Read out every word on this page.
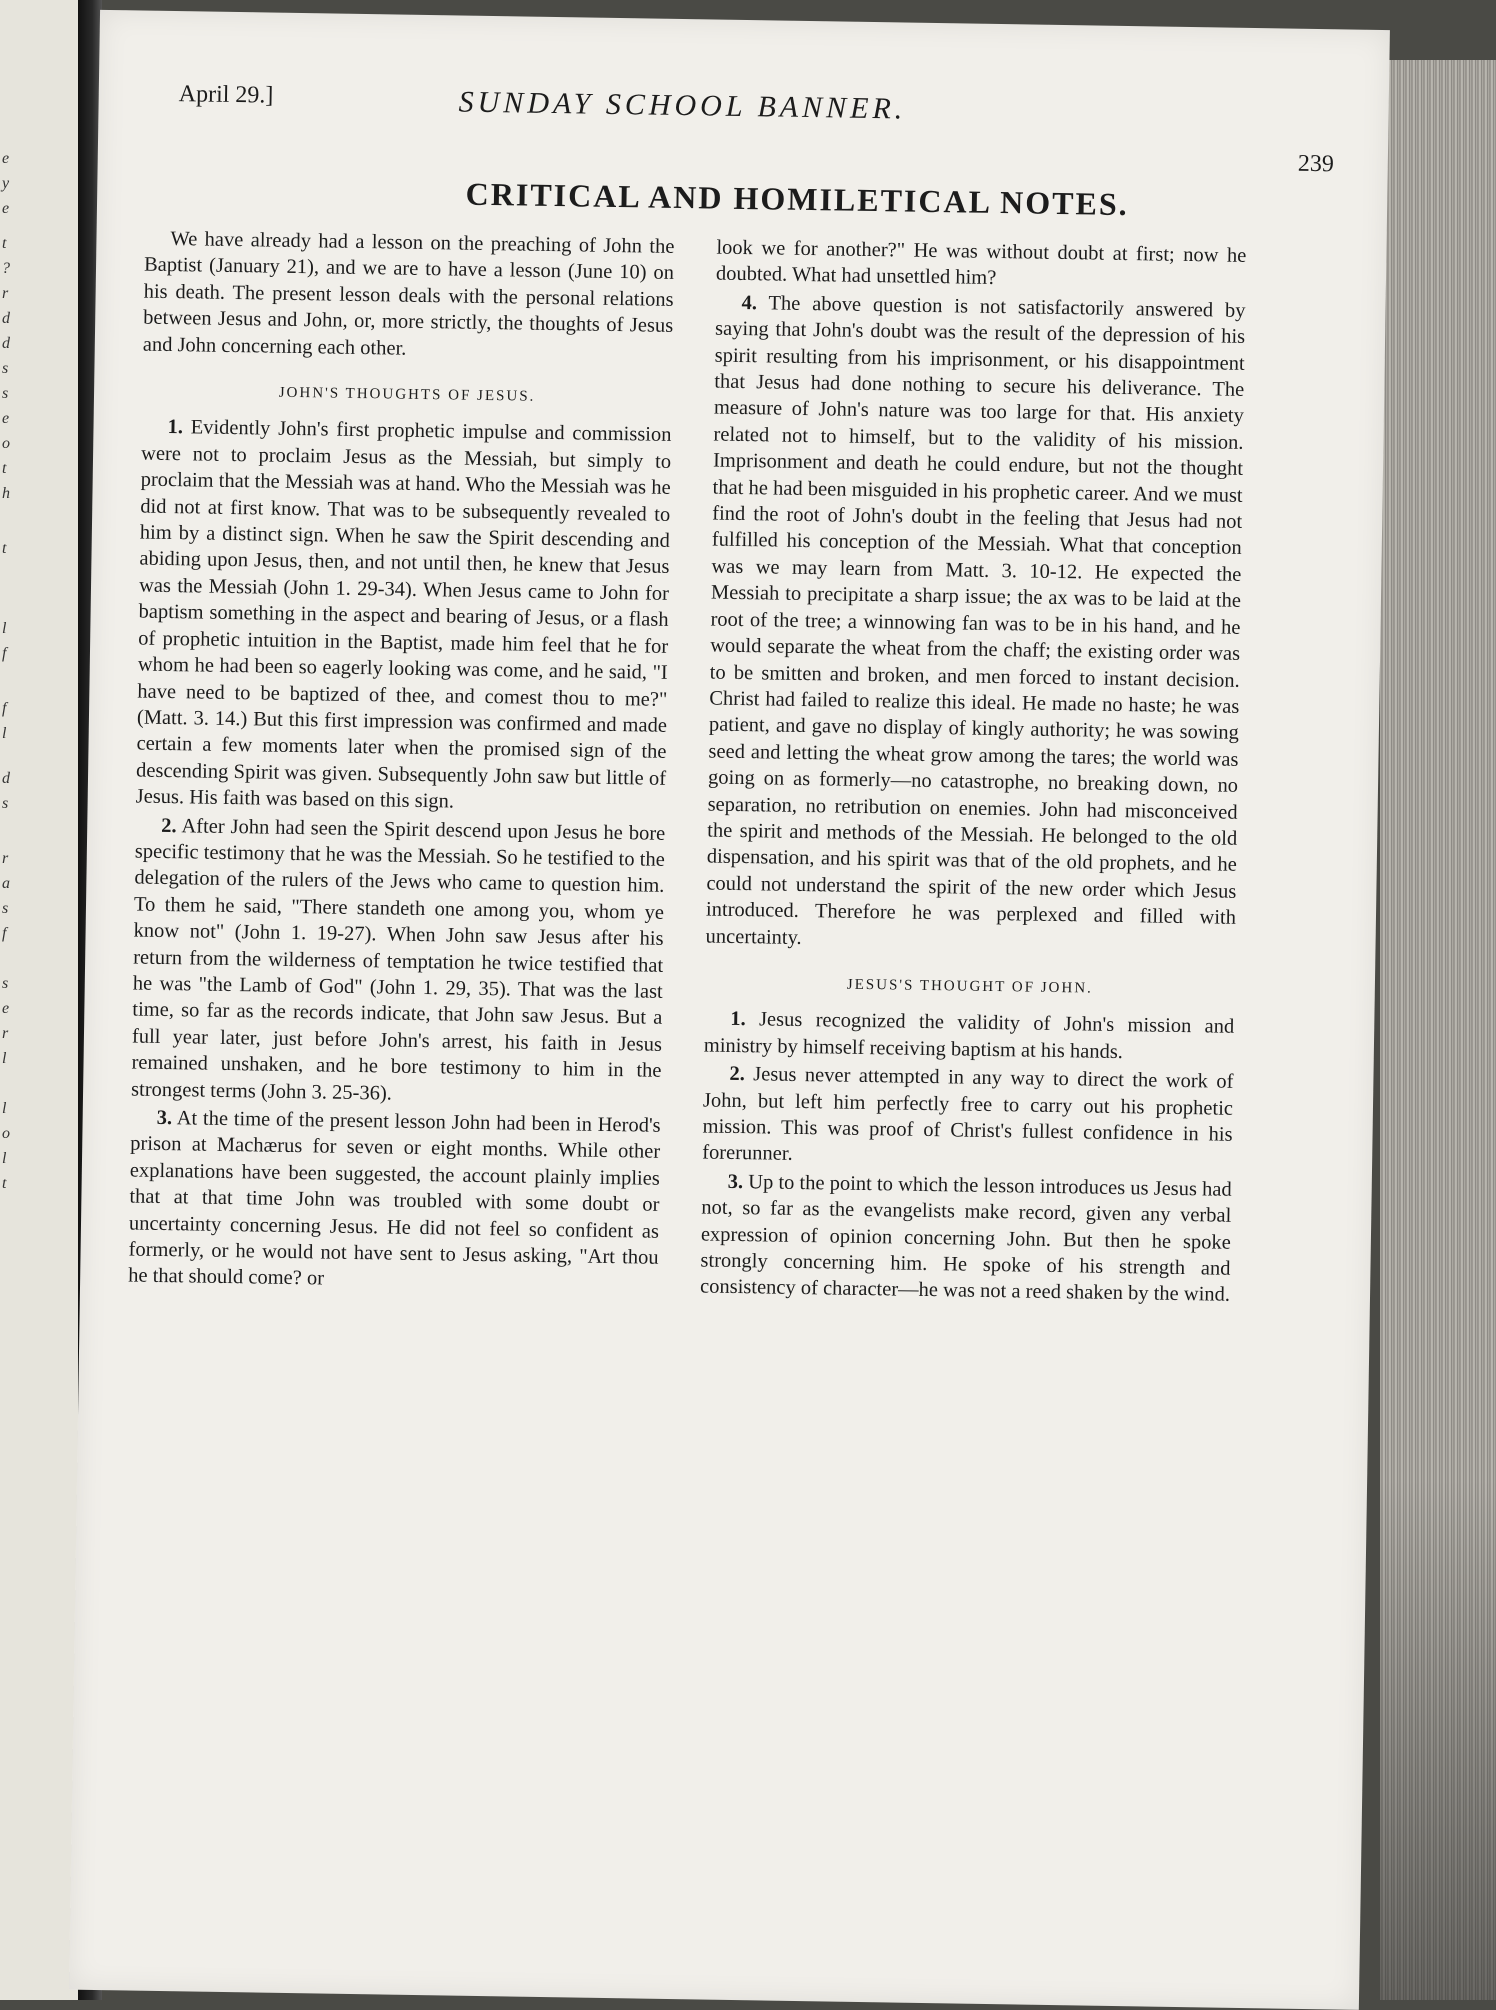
e
y
e
t
?
r
d
d
s
s
e
o
t
h
t
l
f
f
l
d
s
r
a
s
f
s
e
r
l
l
o
l
t
April 29.]	SUNDAY SCHOOL BANNER.
239
CRITICAL AND HOMILETICAL NOTES.

We have already had a lesson on the preaching of John the Baptist (January 21), and we are to have a lesson (June 10) on his death. The present lesson deals with the personal relations between Jesus and John, or, more strictly, the thoughts of Jesus and John concerning each other.

JOHN'S THOUGHTS OF JESUS.

1. Evidently John's first prophetic impulse and commission were not to proclaim Jesus as the Messiah, but simply to proclaim that the Messiah was at hand. Who the Messiah was he did not at first know. That was to be subsequently revealed to him by a distinct sign. When he saw the Spirit descending and abiding upon Jesus, then, and not until then, he knew that Jesus was the Messiah (John 1. 29-34). When Jesus came to John for baptism something in the aspect and bearing of Jesus, or a flash of prophetic intuition in the Baptist, made him feel that he for whom he had been so eagerly looking was come, and he said, "I have need to be baptized of thee, and comest thou to me?" (Matt. 3. 14.) But this first impression was confirmed and made certain a few moments later when the promised sign of the descending Spirit was given. Subsequently John saw but little of Jesus. His faith was based on this sign.

2. After John had seen the Spirit descend upon Jesus he bore specific testimony that he was the Messiah. So he testified to the delegation of the rulers of the Jews who came to question him. To them he said, "There standeth one among you, whom ye know not" (John 1. 19-27). When John saw Jesus after his return from the wilderness of temptation he twice testified that he was "the Lamb of God" (John 1. 29, 35). That was the last time, so far as the records indicate, that John saw Jesus. But a full year later, just before John's arrest, his faith in Jesus remained unshaken, and he bore testimony to him in the strongest terms (John 3. 25-36).

3. At the time of the present lesson John had been in Herod's prison at Machærus for seven or eight months. While other explanations have been suggested, the account plainly implies that at that time John was troubled with some doubt or uncertainty concerning Jesus. He did not feel so confident as formerly, or he would not have sent to Jesus asking, "Art thou he that should come? or

look we for another?" He was without doubt at first; now he doubted. What had unsettled him?

4. The above question is not satisfactorily answered by saying that John's doubt was the result of the depression of his spirit resulting from his imprisonment, or his disappointment that Jesus had done nothing to secure his deliverance. The measure of John's nature was too large for that. His anxiety related not to himself, but to the validity of his mission. Imprisonment and death he could endure, but not the thought that he had been misguided in his prophetic career. And we must find the root of John's doubt in the feeling that Jesus had not fulfilled his conception of the Messiah. What that conception was we may learn from Matt. 3. 10-12. He expected the Messiah to precipitate a sharp issue; the ax was to be laid at the root of the tree; a winnowing fan was to be in his hand, and he would separate the wheat from the chaff; the existing order was to be smitten and broken, and men forced to instant decision. Christ had failed to realize this ideal. He made no haste; he was patient, and gave no display of kingly authority; he was sowing seed and letting the wheat grow among the tares; the world was going on as formerly—no catastrophe, no breaking down, no separation, no retribution on enemies. John had misconceived the spirit and methods of the Messiah. He belonged to the old dispensation, and his spirit was that of the old prophets, and he could not understand the spirit of the new order which Jesus introduced. Therefore he was perplexed and filled with uncertainty.

JESUS'S THOUGHT OF JOHN.

1. Jesus recognized the validity of John's mission and ministry by himself receiving baptism at his hands.

2. Jesus never attempted in any way to direct the work of John, but left him perfectly free to carry out his prophetic mission. This was proof of Christ's fullest confidence in his forerunner.

3. Up to the point to which the lesson introduces us Jesus had not, so far as the evangelists make record, given any verbal expression of opinion concerning John. But then he spoke strongly concerning him. He spoke of his strength and consistency of character—he was not a reed shaken by the wind.
